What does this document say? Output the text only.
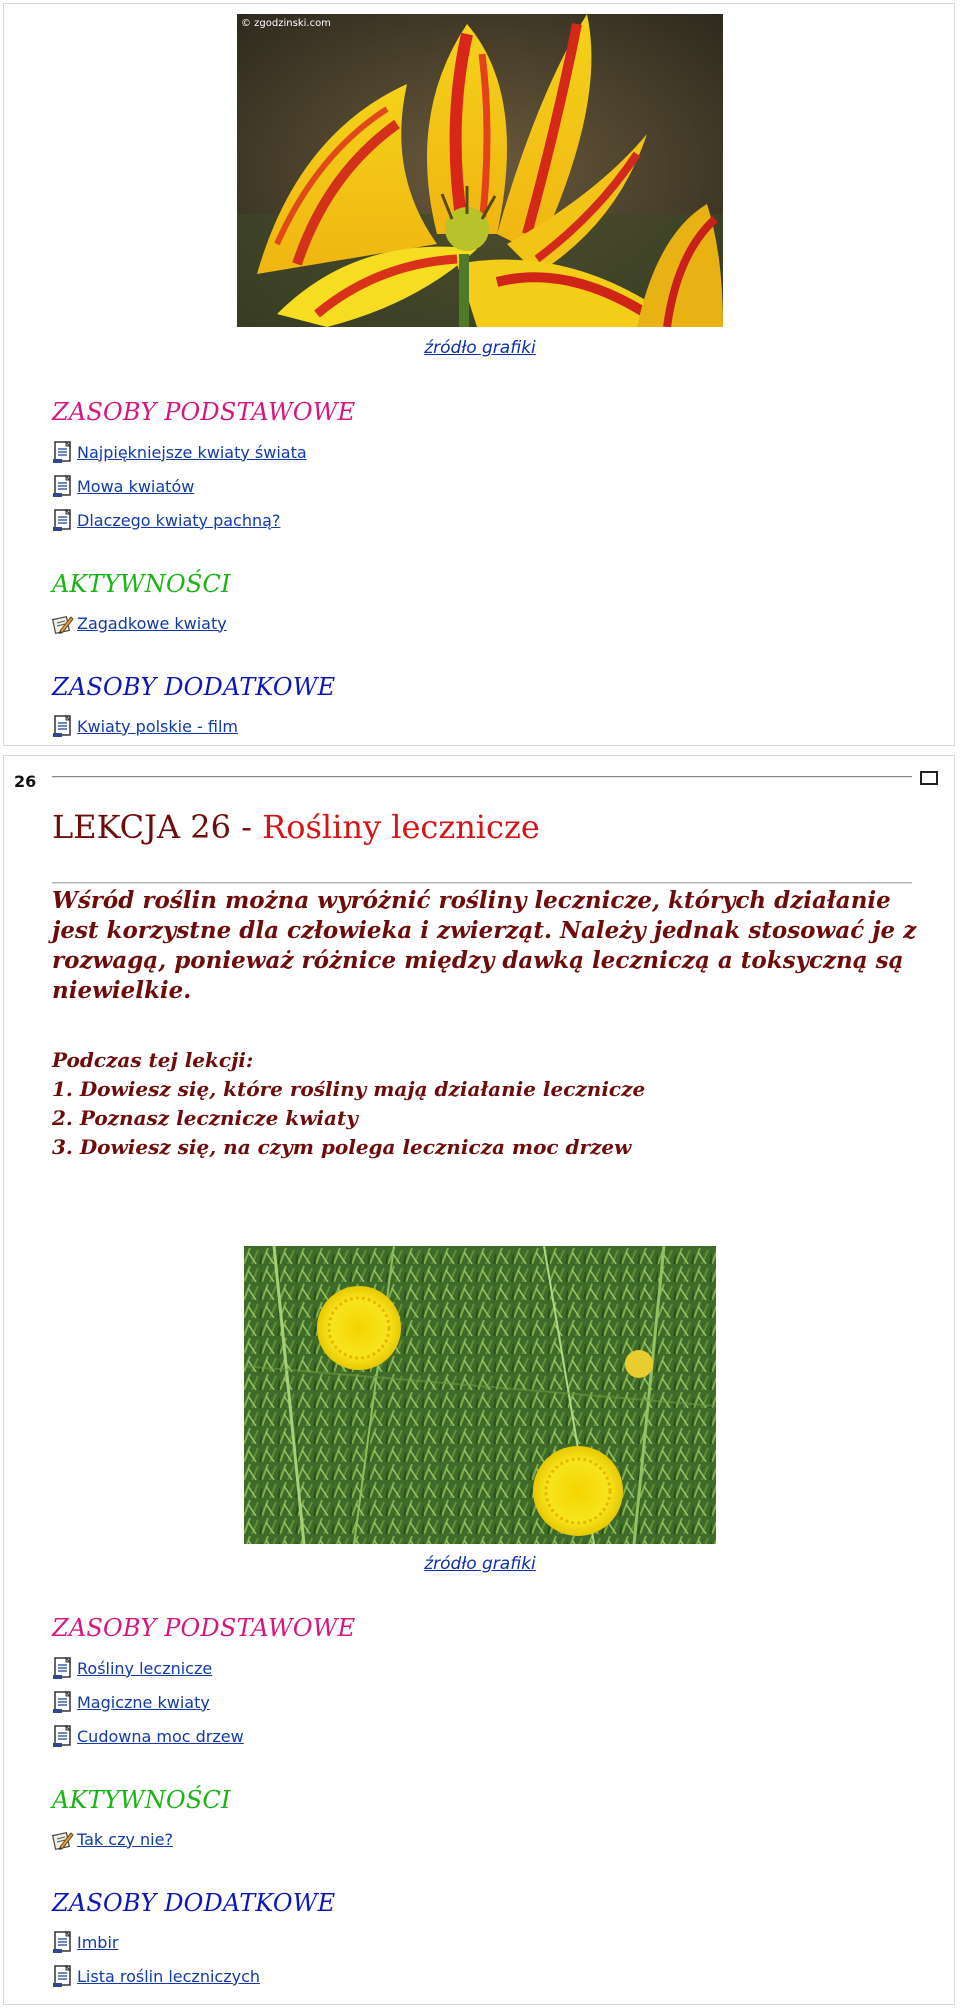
© zgodzinski.com
źródło grafiki
ZASOBY PODSTAWOWE
Najpiękniejsze kwiaty świata
Mowa kwiatów
Dlaczego kwiaty pachną?
AKTYWNOŚCI
Zagadkowe kwiaty
ZASOBY DODATKOWE
Kwiaty polskie - film
26
LEKCJA 26 - Rośliny lecznicze

Wśród roślin można wyróżnić rośliny lecznicze, których działanie jest korzystne dla człowieka i zwierząt. Należy jednak stosować je z rozwagą, ponieważ różnice między dawką leczniczą a toksyczną są niewielkie.

Podczas tej lekcji:
1. Dowiesz się, które rośliny mają działanie lecznicze
2. Poznasz lecznicze kwiaty
3. Dowiesz się, na czym polega lecznicza moc drzew
źródło grafiki
ZASOBY PODSTAWOWE
Rośliny lecznicze
Magiczne kwiaty
Cudowna moc drzew
AKTYWNOŚCI
Tak czy nie?
ZASOBY DODATKOWE
Imbir
Lista roślin leczniczych
